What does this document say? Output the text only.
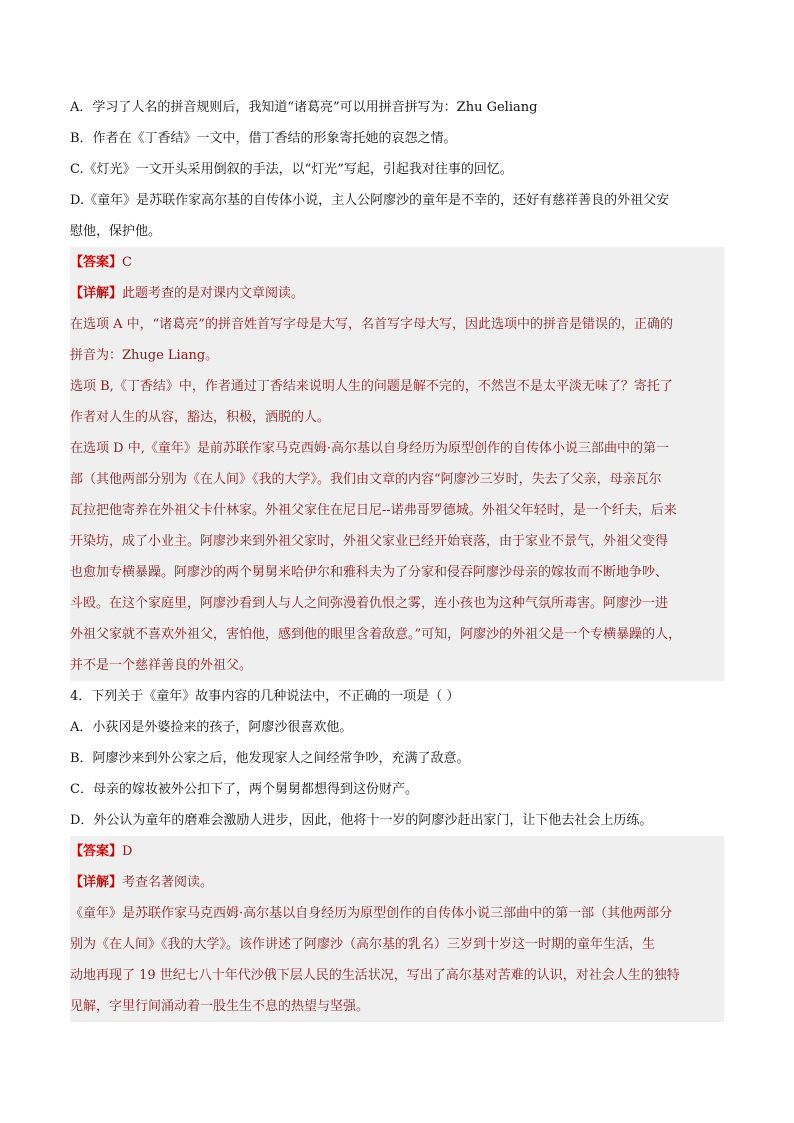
A．学习了人名的拼音规则后，我知道“诸葛亮”可以用拼音拼写为：Zhu Geliang
B．作者在《丁香结》一文中，借丁香结的形象寄托她的哀怨之情。
C.《灯光》一文开头采用倒叙的手法，以“灯光”写起，引起我对往事的回忆。
D.《童年》是苏联作家高尔基的自传体小说，主人公阿廖沙的童年是不幸的，还好有慈祥善良的外祖父安
慰他，保护他。
【答案】C
【详解】此题考查的是对课内文章阅读。
在选项 A 中，“诸葛亮”的拼音姓首写字母是大写，名首写字母大写，因此选项中的拼音是错误的，正确的
拼音为：Zhuge Liang。
选项 B,《丁香结》中，作者通过丁香结来说明人生的问题是解不完的，不然岂不是太平淡无味了？寄托了
作者对人生的从容，豁达，积极，洒脱的人。
在选项 D 中,《童年》是前苏联作家马克西姆·高尔基以自身经历为原型创作的自传体小说三部曲中的第一
部（其他两部分别为《在人间》《我的大学》。我们由文章的内容“阿廖沙三岁时，失去了父亲，母亲瓦尔
瓦拉把他寄养在外祖父卡什林家。外祖父家住在尼日尼--诺弗哥罗德城。外祖父年轻时，是一个纤夫，后来
开染坊，成了小业主。阿廖沙来到外祖父家时，外祖父家业已经开始衰落，由于家业不景气，外祖父变得
也愈加专横暴躁。阿廖沙的两个舅舅米哈伊尔和雅科夫为了分家和侵吞阿廖沙母亲的嫁妆而不断地争吵、
斗殴。在这个家庭里，阿廖沙看到人与人之间弥漫着仇恨之雾，连小孩也为这种气氛所毒害。阿廖沙一进
外祖父家就不喜欢外祖父，害怕他，感到他的眼里含着敌意。”可知，阿廖沙的外祖父是一个专横暴躁的人，
并不是一个慈祥善良的外祖父。
4．下列关于《童年》故事内容的几种说法中，不正确的一项是（ ）
A．小荻冈是外婆捡来的孩子，阿廖沙很喜欢他。
B．阿廖沙来到外公家之后，他发现家人之间经常争吵，充满了敌意。
C．母亲的嫁妆被外公扣下了，两个舅舅都想得到这份财产。
D．外公认为童年的磨难会激励人进步，因此，他将十一岁的阿廖沙赶出家门，让下他去社会上历练。
【答案】D
【详解】考查名著阅读。
《童年》是苏联作家马克西姆·高尔基以自身经历为原型创作的自传体小说三部曲中的第一部（其他两部分
别为《在人间》《我的大学》。该作讲述了阿廖沙（高尔基的乳名）三岁到十岁这一时期的童年生活，生
动地再现了 19 世纪七八十年代沙俄下层人民的生活状况，写出了高尔基对苦难的认识，对社会人生的独特
见解，字里行间涌动着一股生生不息的热望与坚强。
